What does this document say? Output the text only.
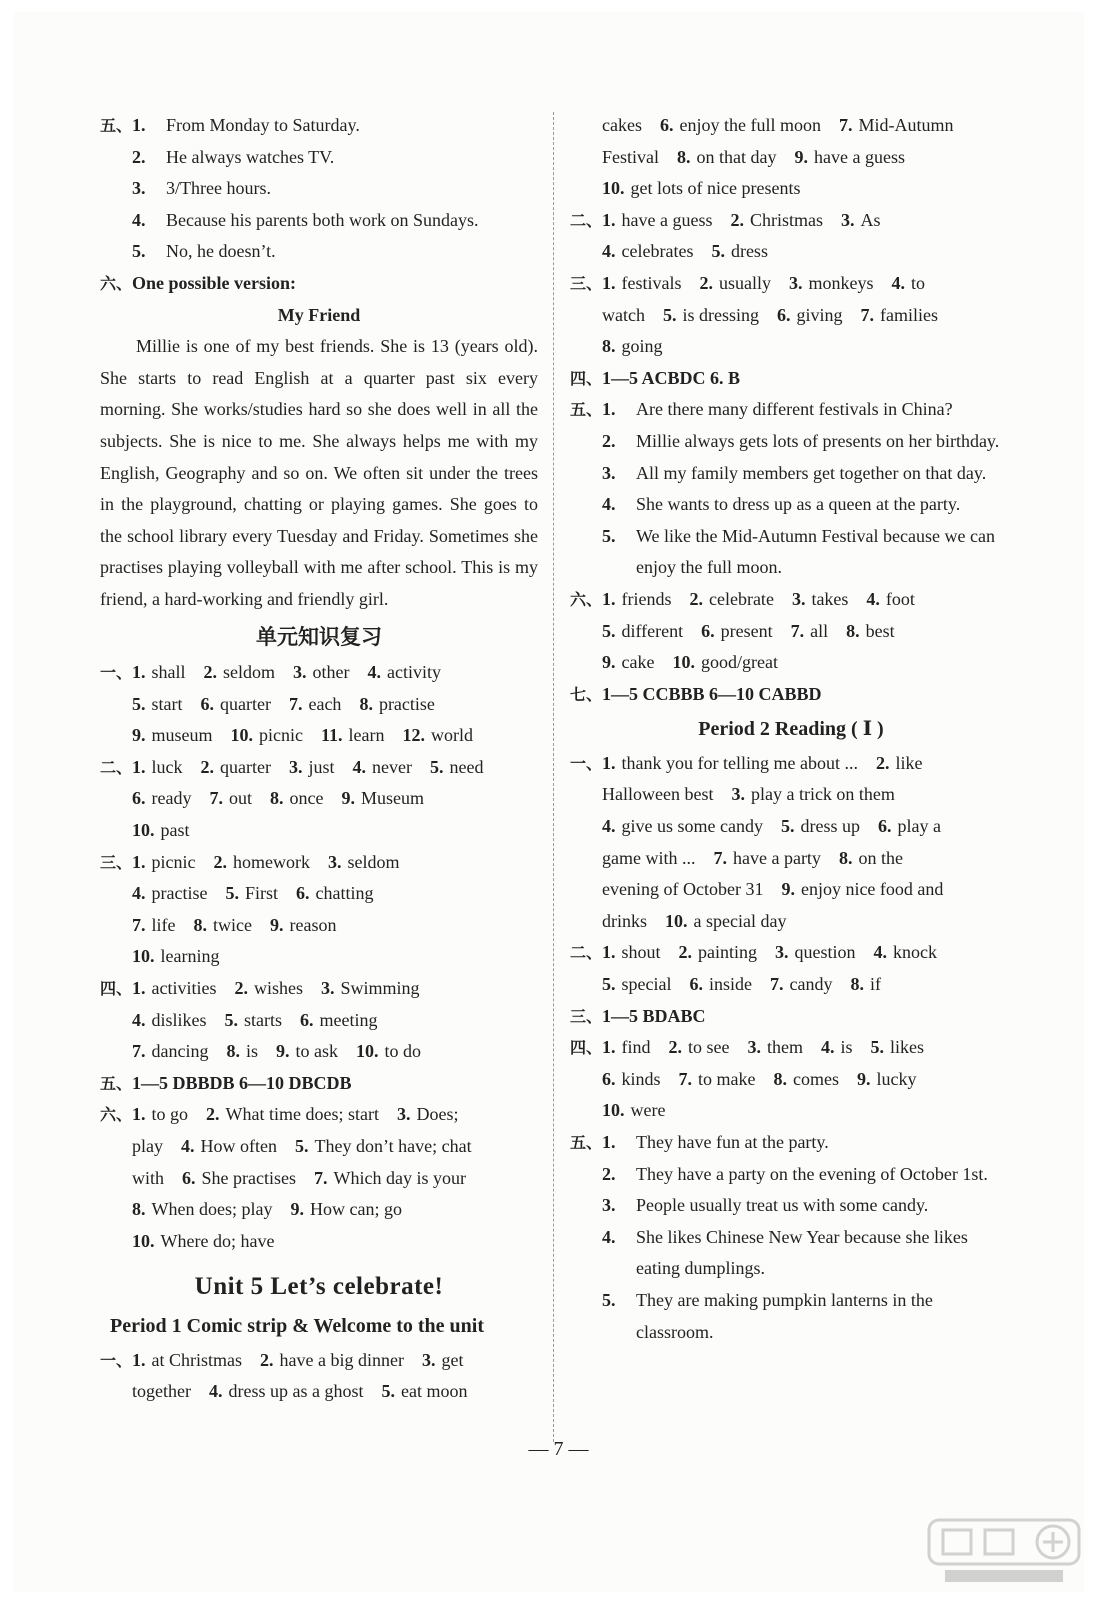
五、 1.	From Monday to Saturday.
2.	He always watches TV.
3.	3/Three hours.
4.	Because his parents both work on Sundays.
5.	No, he doesn’t.
六、 One possible version:

My Friend

Millie is one of my best friends. She is 13 (years old). She starts to read English at a quarter past six every morning. She works/studies hard so she does well in all the subjects. She is nice to me. She always helps me with my English, Geography and so on. We often sit under the trees in the playground, chatting or playing games. She goes to the school library every Tuesday and Friday. Sometimes she practises playing volleyball with me after school. This is my friend, a hard-working and friendly girl.
单元知识复习
一、 1. shall 2. seldom 3. other 4. activity
5. start 6. quarter 7. each 8. practise
9. museum 10. picnic 11. learn 12. world
二、 1. luck 2. quarter 3. just 4. never 5. need
6. ready 7. out 8. once 9. Museum
10. past
三、 1. picnic 2. homework 3. seldom
4. practise 5. First 6. chatting
7. life 8. twice 9. reason
10. learning
四、 1. activities 2. wishes 3. Swimming
4. dislikes 5. starts 6. meeting
7. dancing 8. is 9. to ask 10. to do
五、 1—5 DBBDB 6—10 DBCDB
六、 1. to go 2. What time does; start 3. Does;
play 4. How often 5. They don’t have; chat
with 6. She practises 7. Which day is your
8. When does; play 9. How can; go
10. Where do; have
Unit 5 Let’s celebrate!
Period 1 Comic strip & Welcome to the unit
一、 1. at Christmas 2. have a big dinner 3. get
together 4. dress up as a ghost 5. eat moon
cakes 6. enjoy the full moon 7. Mid-Autumn
Festival 8. on that day 9. have a guess
10. get lots of nice presents
二、 1. have a guess 2. Christmas 3. As
4. celebrates 5. dress
三、 1. festivals 2. usually 3. monkeys 4. to
watch 5. is dressing 6. giving 7. families
8. going
四、 1—5 ACBDC 6. B
五、 1.	Are there many different festivals in China?
2.	Millie always gets lots of presents on her birthday.
3.	All my family members get together on that day.
4.	She wants to dress up as a queen at the party.
5.	We like the Mid-Autumn Festival because we can enjoy the full moon.
六、 1. friends 2. celebrate 3. takes 4. foot
5. different 6. present 7. all 8. best
9. cake 10. good/great
七、 1—5 CCBBB 6—10 CABBD
Period 2 Reading ( Ⅰ )
一、 1. thank you for telling me about ... 2. like
Halloween best 3. play a trick on them
4. give us some candy 5. dress up 6. play a
game with ... 7. have a party 8. on the
evening of October 31 9. enjoy nice food and
drinks 10. a special day
二、 1. shout 2. painting 3. question 4. knock
5. special 6. inside 7. candy 8. if
三、 1—5 BDABC
四、 1. find 2. to see 3. them 4. is 5. likes
6. kinds 7. to make 8. comes 9. lucky
10. were
五、 1.	They have fun at the party.
2.	They have a party on the evening of October 1st.
3.	People usually treat us with some candy.
4.	She likes Chinese New Year because she likes eating dumplings.
5.	They are making pumpkin lanterns in the classroom.
— 7 —
